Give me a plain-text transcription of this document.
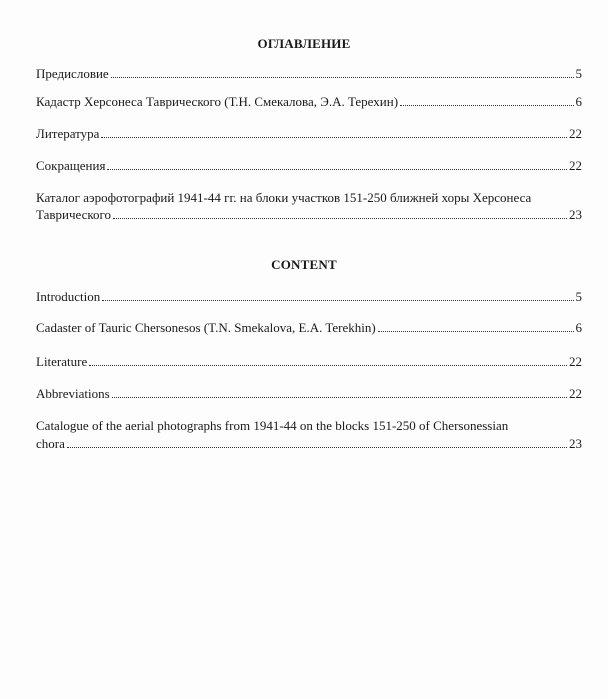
ОГЛАВЛЕНИЕ
Предисловие	5
Кадастр Херсонеса Таврического (Т.Н. Смекалова, Э.А. Терехин)	6
Литература	22
Сокращения	22
Каталог аэрофотографий 1941-44 гг. на блоки участков 151-250 ближней хоры Херсонеса
Таврического	23
CONTENT
Introduction	5
Cadaster of Tauric Chersonesos (T.N. Smekalova, E.A. Terekhin)	6
Literature	22
Abbreviations	22
Catalogue of the aerial photographs from 1941-44 on the blocks 151-250 of Chersonessian
chora	23
